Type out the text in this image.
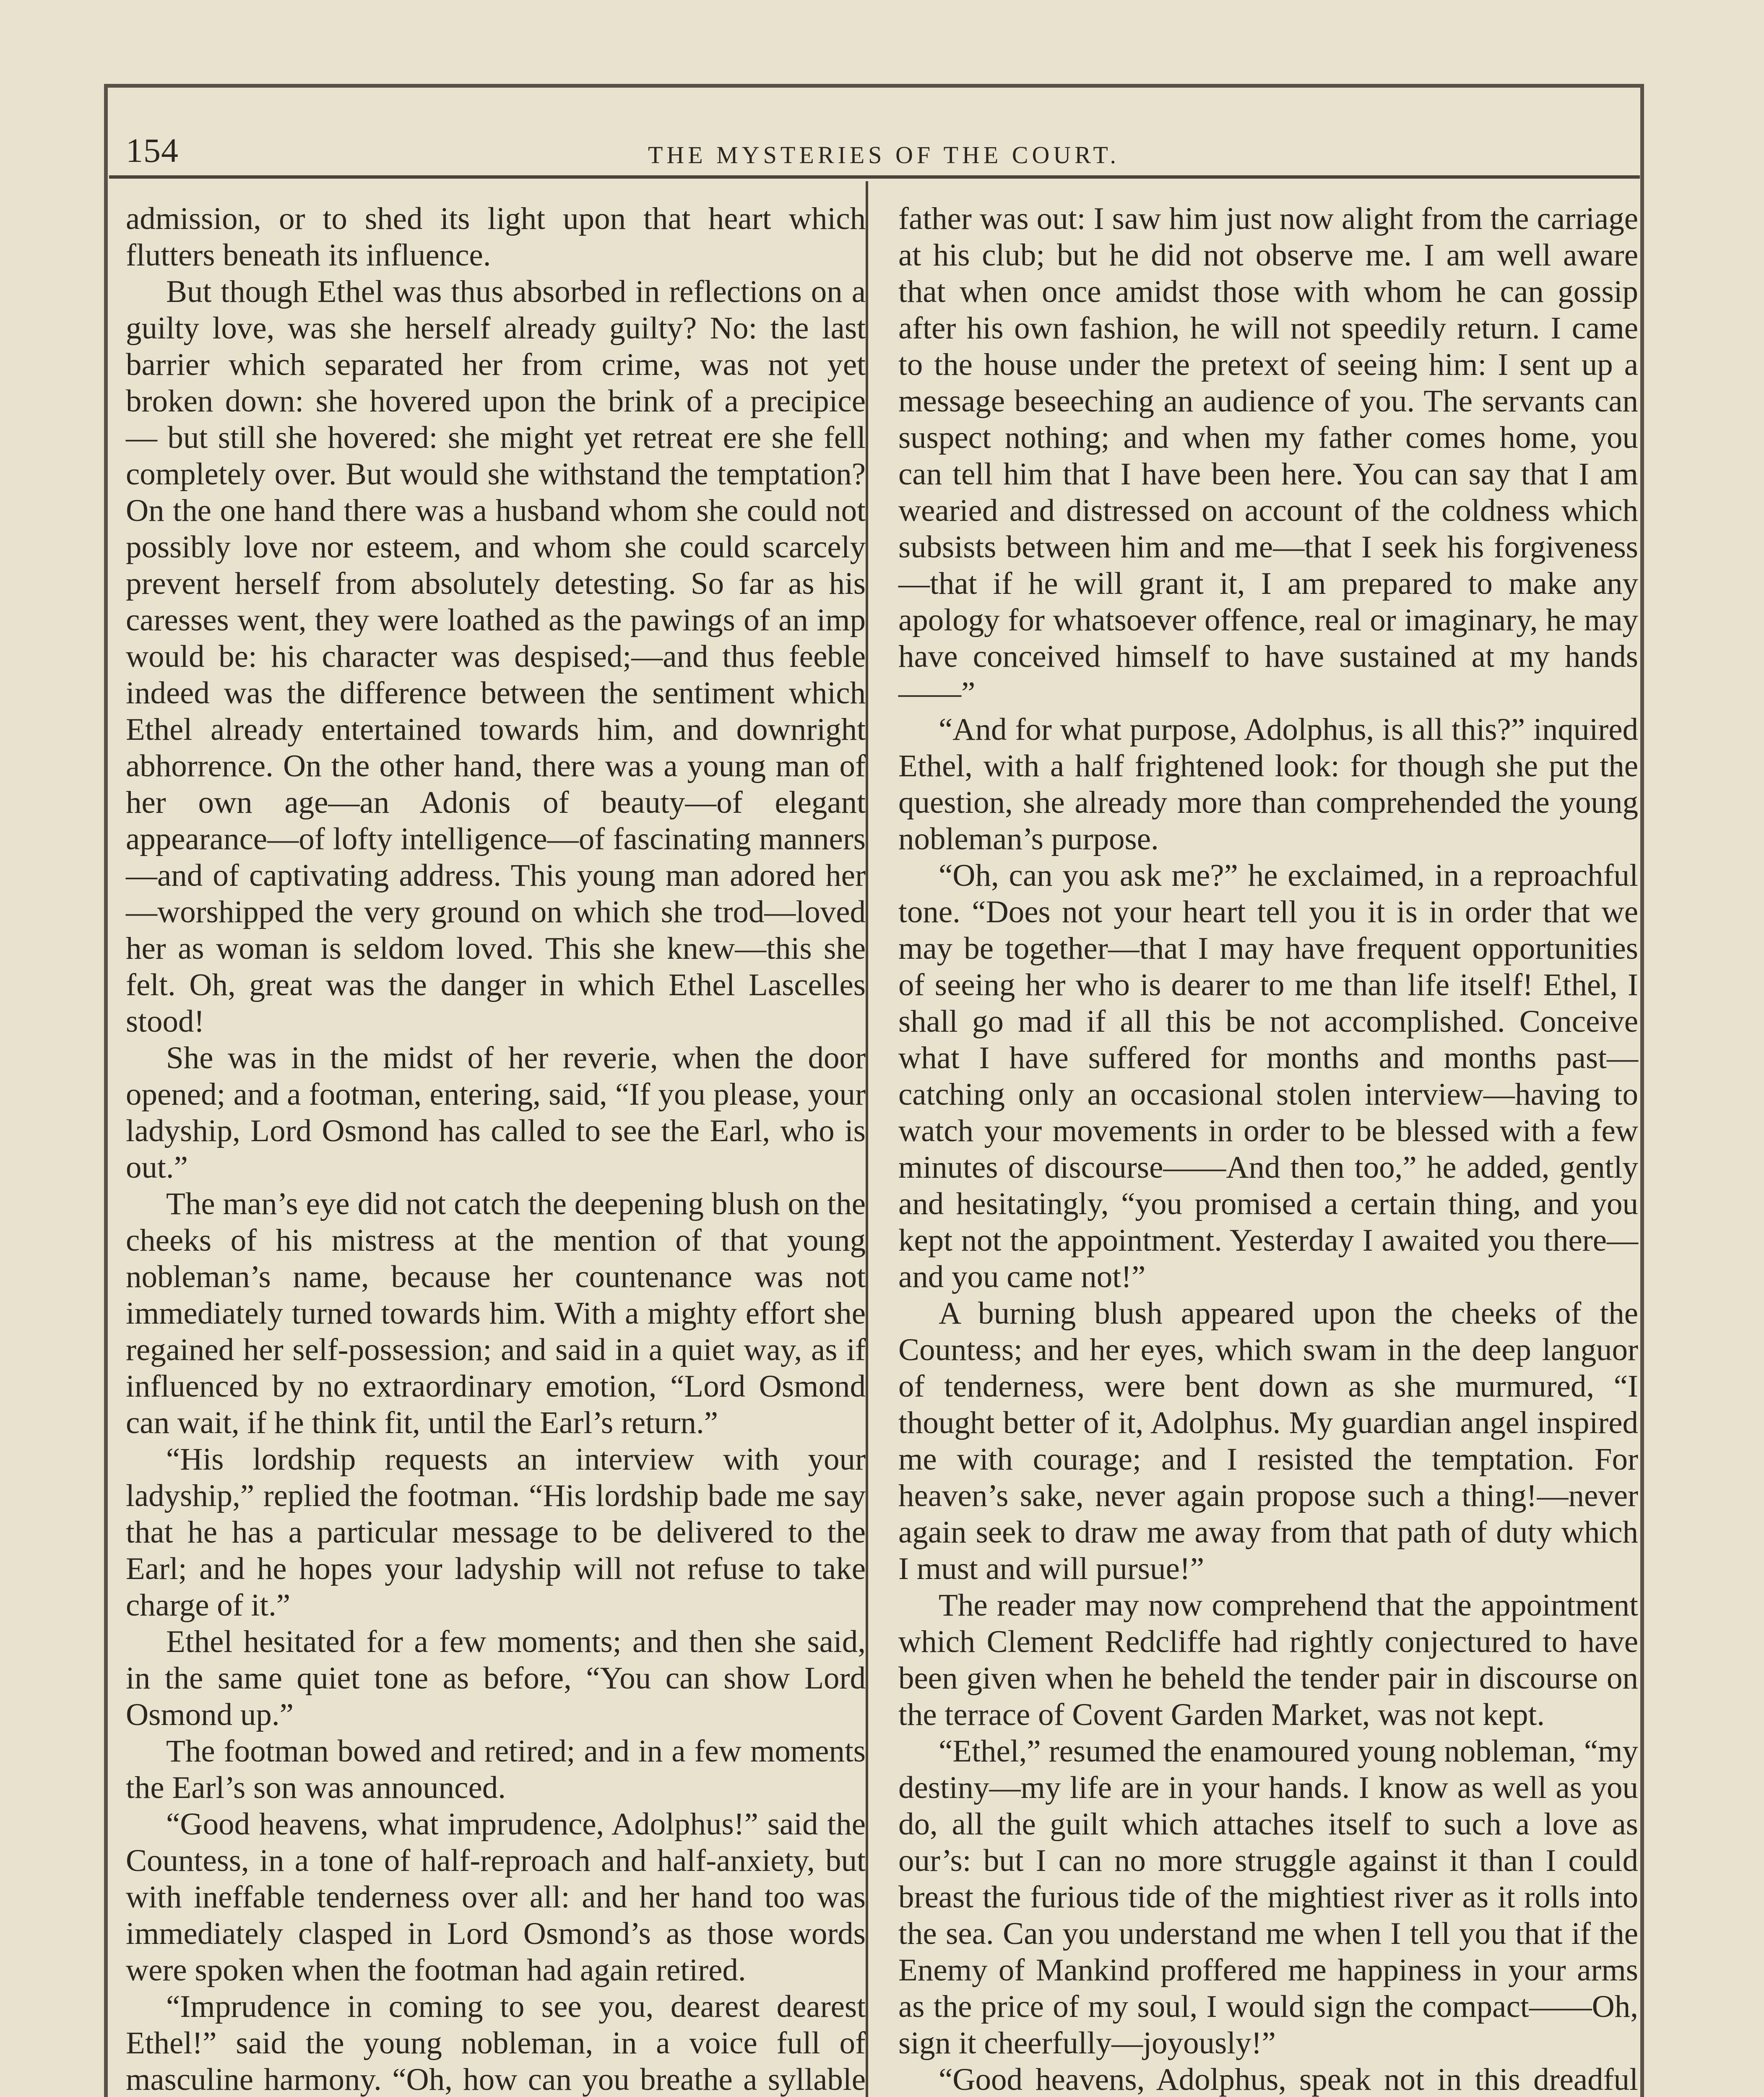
154	THE MYSTERIES OF THE COURT.

admission, or to shed its light upon that heart which flutters beneath its influence.

But though Ethel was thus absorbed in reflections on a guilty love, was she herself already guilty? No: the last barrier which separated her from crime, was not yet broken down: she hovered upon the brink of a precipice — but still she hovered: she might yet retreat ere she fell completely over. But would she withstand the temptation? On the one hand there was a husband whom she could not possibly love nor esteem, and whom she could scarcely prevent herself from absolutely detesting. So far as his caresses went, they were loathed as the pawings of an imp would be: his character was despised;—and thus feeble indeed was the difference between the sentiment which Ethel already entertained towards him, and downright abhorrence. On the other hand, there was a young man of her own age—an Adonis of beauty—of elegant appearance—of lofty intelligence—of fascinating manners—and of captivating address. This young man adored her—worshipped the very ground on which she trod—loved her as woman is seldom loved. This she knew—this she felt. Oh, great was the danger in which Ethel Lascelles stood!

She was in the midst of her reverie, when the door opened; and a footman, entering, said, “If you please, your ladyship, Lord Osmond has called to see the Earl, who is out.”

The man’s eye did not catch the deepening blush on the cheeks of his mistress at the mention of that young nobleman’s name, because her countenance was not immediately turned towards him. With a mighty effort she regained her self-possession; and said in a quiet way, as if influenced by no extraordinary emotion, “Lord Osmond can wait, if he think fit, until the Earl’s return.”

“His lordship requests an interview with your ladyship,” replied the footman. “His lordship bade me say that he has a particular message to be delivered to the Earl; and he hopes your ladyship will not refuse to take charge of it.”

Ethel hesitated for a few moments; and then she said, in the same quiet tone as before, “You can show Lord Osmond up.”

The footman bowed and retired; and in a few moments the Earl’s son was announced.

“Good heavens, what imprudence, Adolphus!” said the Countess, in a tone of half-reproach and half-anxiety, but with ineffable tenderness over all: and her hand too was immediately clasped in Lord Osmond’s as those words were spoken when the footman had again retired.

“Imprudence in coming to see you, dearest dearest Ethel!” said the young nobleman, in a voice full of masculine harmony. “Oh, how can you breathe a syllable

father was out: I saw him just now alight from the carriage at his club; but he did not observe me. I am well aware that when once amidst those with whom he can gossip after his own fashion, he will not speedily return. I came to the house under the pretext of seeing him: I sent up a message beseeching an audience of you. The servants can suspect nothing; and when my father comes home, you can tell him that I have been here. You can say that I am wearied and distressed on account of the coldness which subsists between him and me—that I seek his forgiveness—that if he will grant it, I am prepared to make any apology for whatsoever offence, real or imaginary, he may have conceived himself to have sustained at my hands——”

“And for what purpose, Adolphus, is all this?” inquired Ethel, with a half frightened look: for though she put the question, she already more than comprehended the young nobleman’s purpose.

“Oh, can you ask me?” he exclaimed, in a reproachful tone. “Does not your heart tell you it is in order that we may be together—that I may have frequent opportunities of seeing her who is dearer to me than life itself! Ethel, I shall go mad if all this be not accomplished. Conceive what I have suffered for months and months past—catching only an occasional stolen interview—having to watch your movements in order to be blessed with a few minutes of discourse——And then too,” he added, gently and hesitatingly, “you promised a certain thing, and you kept not the appointment. Yesterday I awaited you there—and you came not!”

A burning blush appeared upon the cheeks of the Countess; and her eyes, which swam in the deep languor of tenderness, were bent down as she murmured, “I thought better of it, Adolphus. My guardian angel inspired me with courage; and I resisted the temptation. For heaven’s sake, never again propose such a thing!—never again seek to draw me away from that path of duty which I must and will pursue!”

The reader may now comprehend that the appointment which Clement Redcliffe had rightly conjectured to have been given when he beheld the tender pair in discourse on the terrace of Covent Garden Market, was not kept.

“Ethel,” resumed the enamoured young nobleman, “my destiny—my life are in your hands. I know as well as you do, all the guilt which attaches itself to such a love as our’s: but I can no more struggle against it than I could breast the furious tide of the mightiest river as it rolls into the sea. Can you understand me when I tell you that if the Enemy of Mankind proffered me happiness in your arms as the price of my soul, I would sign the compact——Oh, sign it cheerfully—joyously!”

“Good heavens, Adolphus, speak not in this dreadful
